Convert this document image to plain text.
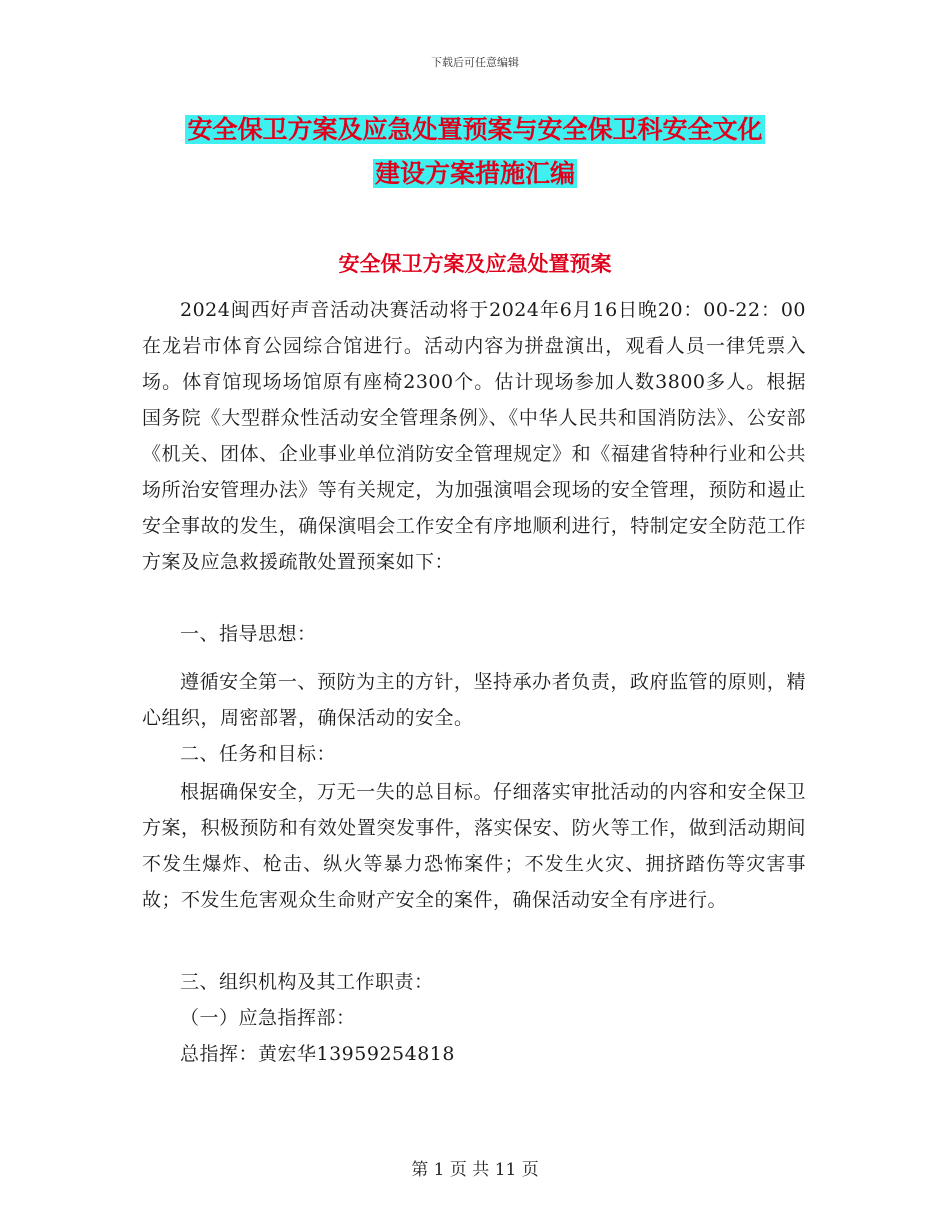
下载后可任意编辑
安全保卫方案及应急处置预案与安全保卫科安全文化
建设方案措施汇编
安全保卫方案及应急处置预案

2024闽西好声音活动决赛活动将于2024年6月16日晚20：00-22：00在龙岩市体育公园综合馆进行。活动内容为拼盘演出，观看人员一律凭票入场。体育馆现场场馆原有座椅2300个。估计现场参加人数3800多人。根据国务院《大型群众性活动安全管理条例》、《中华人民共和国消防法》、公安部《机关、团体、企业事业单位消防安全管理规定》和《福建省特种行业和公共场所治安管理办法》等有关规定，为加强演唱会现场的安全管理，预防和遏止安全事故的发生，确保演唱会工作安全有序地顺利进行，特制定安全防范工作方案及应急救援疏散处置预案如下：

一、指导思想：

遵循安全第一、预防为主的方针，坚持承办者负责，政府监管的原则，精心组织，周密部署，确保活动的安全。

二、任务和目标：

根据确保安全，万无一失的总目标。仔细落实审批活动的内容和安全保卫方案，积极预防和有效处置突发事件，落实保安、防火等工作，做到活动期间不发生爆炸、枪击、纵火等暴力恐怖案件；不发生火灾、拥挤踏伤等灾害事故；不发生危害观众生命财产安全的案件，确保活动安全有序进行。

三、组织机构及其工作职责：

（一）应急指挥部：

总指挥：黄宏华13959254818

第 1 页 共 11 页
